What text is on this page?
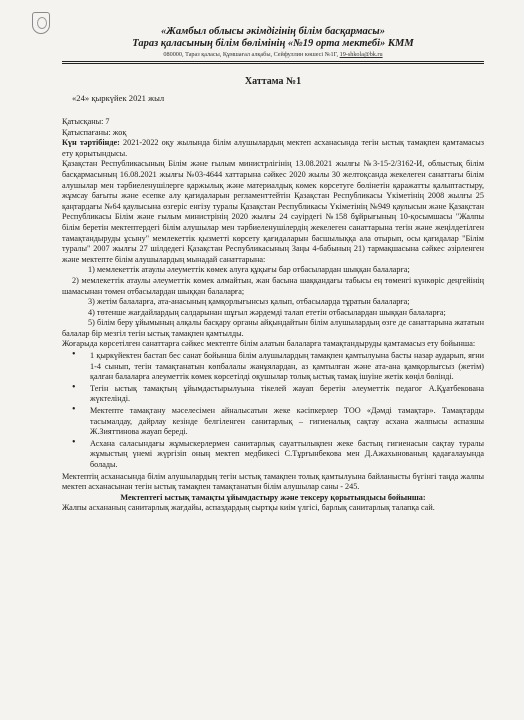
«Жамбыл облысы әкімдігінің білім басқармасы»
Тараз қаласының білім бөлімінің «№19 орта мектебі» КММ
080000, Тараз қаласы, Құмшағал алқабы, Сейфуллин көшесі №1Г, 19-shkola@bk.ru
Хаттама №1
«24» қыркүйек 2021 жыл

Қатысқаны: 7

Қатыспағаны: жоқ

Күн тәртібінде: 2021-2022 оқу жылында білім алушылардың мектеп асханасында тегін ыстық тамақпен қамтамасыз ету қорытындысы.

Қазақстан Республикасының Білім және ғылым министрлігінің 13.08.2021 жылғы №3-15-2/3162-И, облыстық білім басқармасының 16.08.2021 жылғы №03-4644 хаттарына сәйкес 2020 жылы 30 желтоқсанда жекелеген санаттағы білім алушылар мен тәрбиеленушілерге қаржылық және материалдық көмек көрсетуге бөлінетін қаражатты қалыптастыру, жұмсау бағыты және есепке алу қағидаларын регламенттейтін Қазақстан Республикасы Үкіметінің 2008 жылғы 25 қаңтардағы №64 қаулысына өзгеріс енгізу туралы Қазақстан Республикасы Үкіметінің №949 қаулысын және Қазақстан Республикасы Білім және ғылым министрінің 2020 жылғы 24 сәуірдегі №158 бұйрығының 10-қосымшасы "Жалпы білім беретін мектептердегі білім алушылар мен тәрбиеленушілердің жекелеген санаттарына тегін және жеңілдетілген тамақтандыруды ұсыну" мемлекеттік қызметті көрсету қағидаларын басшылыққа ала отырып, осы қағидалар "Білім туралы" 2007 жылғы 27 шілдедегі Қазақстан Республикасының Заңы 4-бабының 21) тармақшасына сәйкес әзірленген және мектепте білім алушылардың мынадай санаттарына:

1) мемлекеттік атаулы әлеуметтік көмек алуға құқығы бар отбасылардан шыққан балаларға;

2) мемлекеттік атаулы әлеуметтік көмек алмайтын, жан басына шаққандағы табысы ең төменгі күнкөріс деңгейінің шамасынан төмен отбасылардан шыққан балаларға;

3) жетім балаларға, ата-анасының қамқорлығынсыз қалып, отбасыларда тұратын балаларға;

4) төтенше жағдайлардың салдарынан шұғыл жәрдемді талап ететін отбасылардан шыққан балаларға;

5) білім беру ұйымының алқалы басқару органы айқындайтын білім алушылардың өзге де санаттарына жататын балалар бір мезгіл тегін ыстық тамақпен қамтылды.

Жоғарыда көрсетілген санаттарға сәйкес мектепте білім алатын балаларға тамақтандыруды қамтамасыз ету бойынша:

• 1 қыркүйектен бастап бес санат бойынша білім алушылардың тамақпен қамтылуына басты назар аударып, яғни 1-4 сынып, тегін тамақтанатын көпбалалы жанұялардан, аз қамтылған және ата-ана қамқорлығсыз (жетім) қалған балаларға әлеуметтік көмек көрсетілді оқушылар толық ыстық тамақ ішуіне жетік көңіл бөлінді.
• Тегін ыстық тамақтың ұйымдастырылуына тікелей жауап беретін әлеуметтік педагог А.Құатбекована жүктелінді.
• Мектепте тамақтану мәселесімен айналысатын жеке кәсіпкерлер ТОО «Дәмді тамақтар». Тамақтарды тасымалдау, дайрлау кезінде белгіленген санитарлық – гигиеналық сақтау асхана жалпысы аспазшы Ж.Зияттинова жауап береді.
• Асхана саласындағы жұмыскерлермен санитарлық сауаттылықпен жеке бастың гигиенасын сақтау туралы жұмыстың үнемі жүргізіп оның мектеп медбикесі С.Тұрғынбекова мен Д.Ажахынованың қадағалауында болады.

Мектептің асханасында білім алушылардың тегін ыстық тамақпен толық қамтылуына байланысты бүгінгі таңда жалпы мектеп асханасынан тегін ыстық тамақпен тамақтанатын білім алушылар саны - 245.

Мектептегі ыстық тамақты ұйымдастыру және тексеру қорытындысы бойынша:

Жалпы асхананың санитарлық жағдайы, аспаздардың сыртқы киім үлгісі, барлық санитарлық талапқа сай.
